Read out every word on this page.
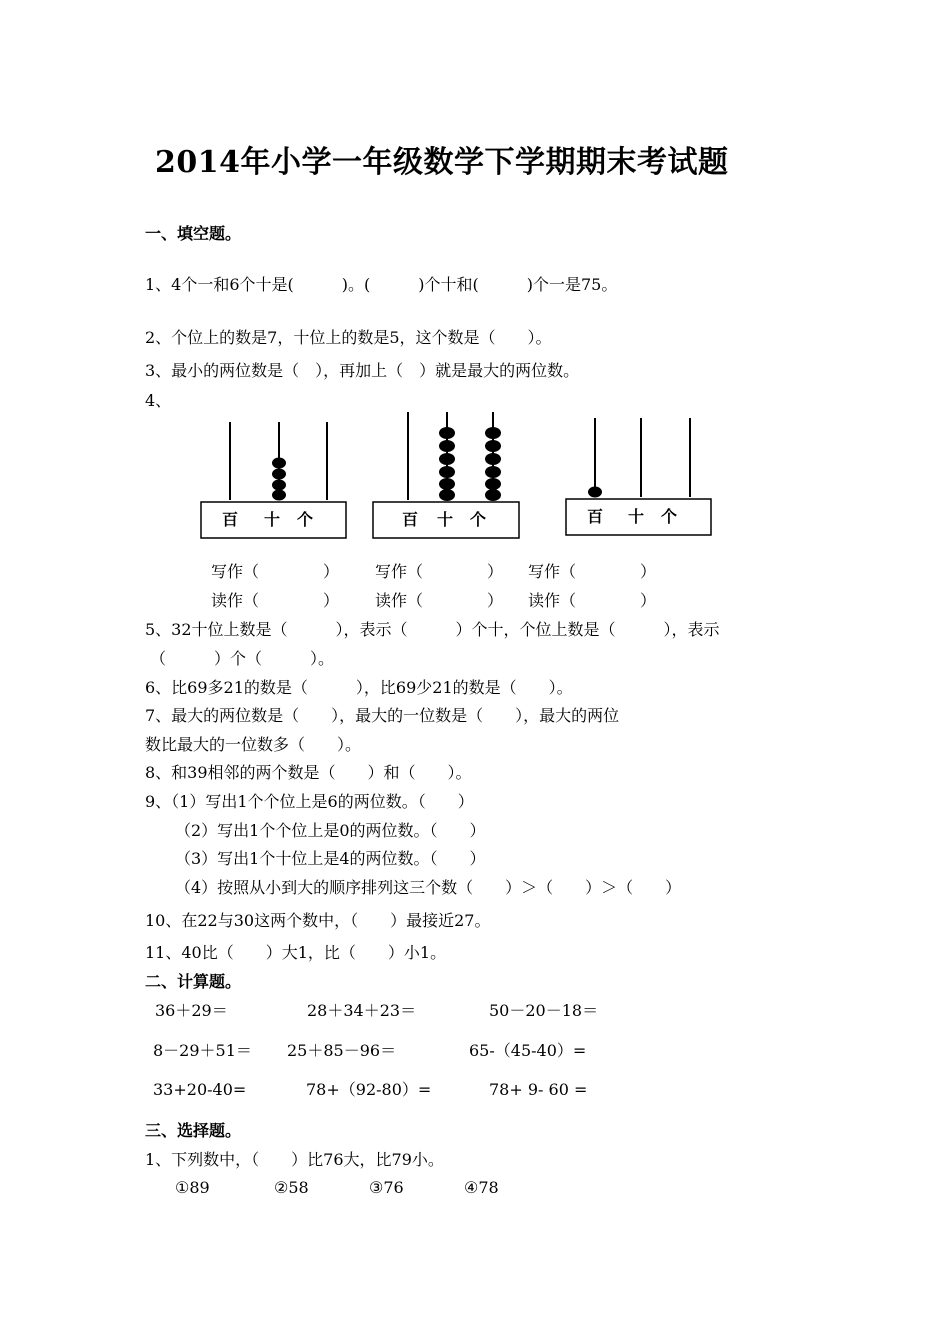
2014年小学一年级数学下学期期末考试题
一、填空题。
1、4个一和6个十是(　　　)。(　　　)个十和(　　　)个一是75。
2、个位上的数是7，十位上的数是5，这个数是（　　）。
3、最小的两位数是（　），再加上（　）就是最大的两位数。
4、
百 十 个	百 十 个	百 十 个
写作（　　　　） 写作（　　　　） 写作（　　　　）
读作（　　　　） 读作（　　　　） 读作（　　　　）
5、32十位上数是（　　　），表示（　　　）个十，个位上数是（　　　），表示
（　　　）个（　　　）。
6、比69多21的数是（　　　），比69少21的数是（　　）。
7、最大的两位数是（　　），最大的一位数是（　　），最大的两位
数比最大的一位数多（　　）。
8、和39相邻的两个数是（　　）和（　　）。
9、（1）写出1个个位上是6的两位数。（　　）
（2）写出1个个位上是0的两位数。（　　）
（3）写出1个十位上是4的两位数。（　　）
（4）按照从小到大的顺序排列这三个数（　　）＞（　　）＞（　　）
10、在22与30这两个数中，（　　）最接近27。
11、40比（　　）大1，比（　　）小1。
二、计算题。
36＋29＝	28＋34＋23＝	50－20－18＝
8－29＋51＝ 25＋85－96＝	65-（45-40）=
33+20-40=	78+（92-80）=	78+ 9- 60 =
三、选择题。
1、下列数中，（　　）比76大，比79小。
①89	②58	③76	④78
